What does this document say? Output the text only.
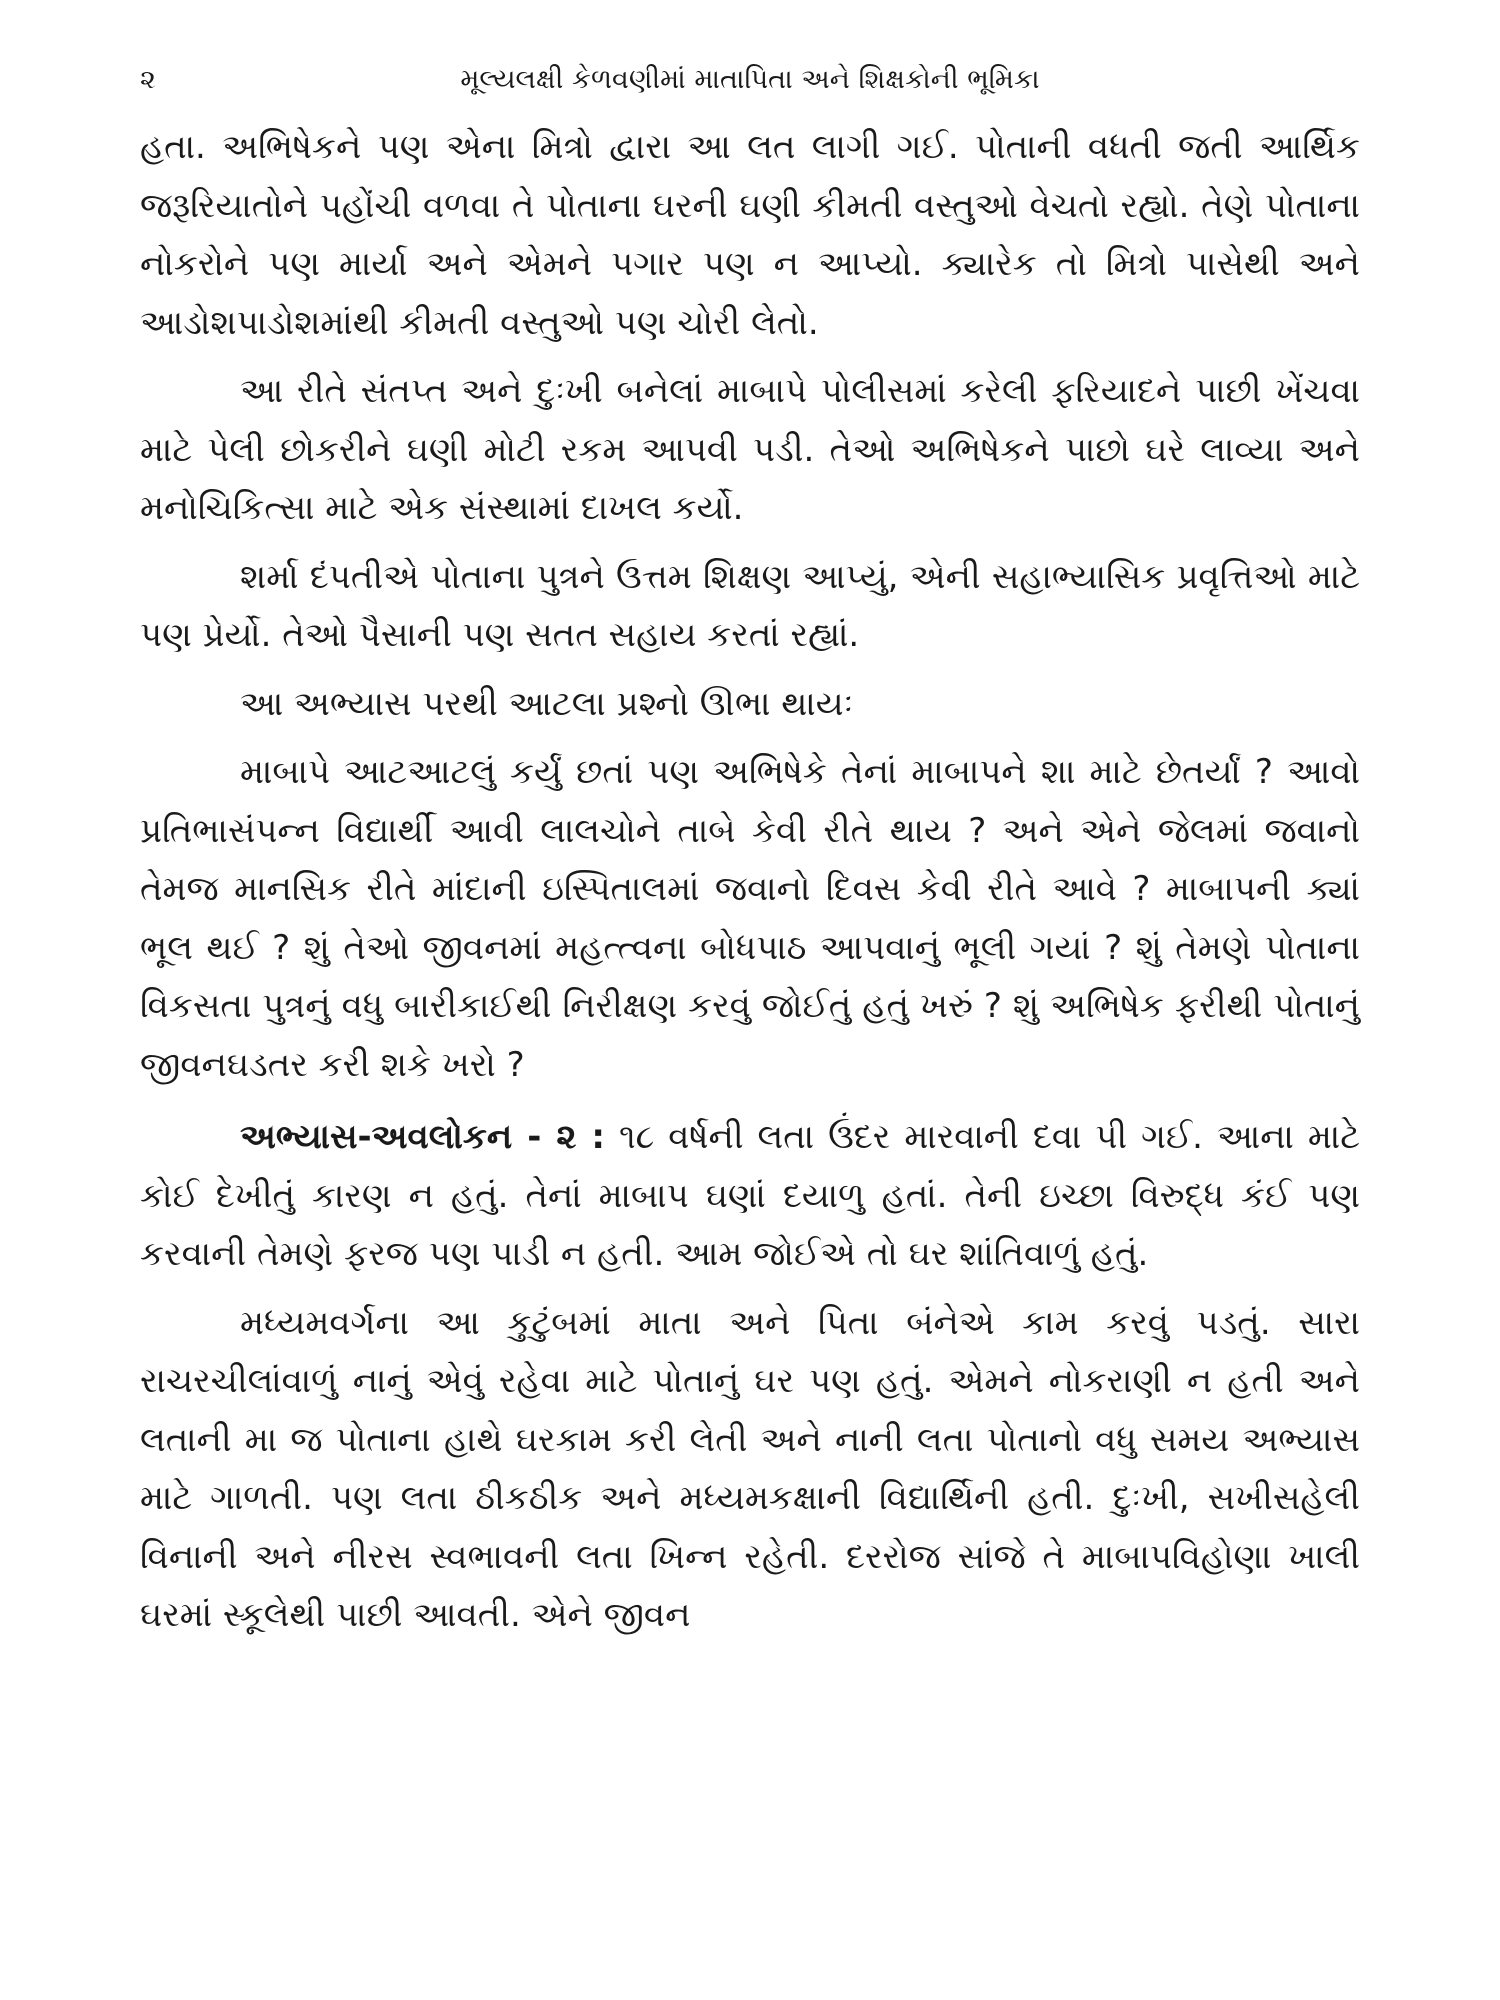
૨	મૂલ્યલક્ષી કેળવણીમાં માતાપિતા અને શિક્ષકોની ભૂમિકા

હતા. અભિષેકને પણ એના મિત્રો દ્વારા આ લત લાગી ગઈ. પોતાની વધતી જતી આર્થિક જરૂરિયાતોને પહોંચી વળવા તે પોતાના ઘરની ઘણી કીમતી વસ્તુઓ વેચતો રહ્યો. તેણે પોતાના નોકરોને પણ માર્યા અને એમને પગાર પણ ન આપ્યો. ક્યારેક તો મિત્રો પાસેથી અને આડોશપાડોશમાંથી કીમતી વસ્તુઓ પણ ચોરી લેતો.

આ રીતે સંતપ્ત અને દુઃખી બનેલાં માબાપે પોલીસમાં કરેલી ફરિયાદને પાછી ખેંચવા માટે પેલી છોકરીને ઘણી મોટી રકમ આપવી પડી. તેઓ અભિષેકને પાછો ઘરે લાવ્યા અને મનોચિકિત્સા માટે એક સંસ્થામાં દાખલ કર્યો.

શર્મા દંપતીએ પોતાના પુત્રને ઉત્તમ શિક્ષણ આપ્યું, એની સહાભ્યાસિક પ્રવૃત્તિઓ માટે પણ પ્રેર્યો. તેઓ પૈસાની પણ સતત સહાય કરતાં રહ્યાં.

આ અભ્યાસ પરથી આટલા પ્રશ્નો ઊભા થાયઃ

માબાપે આટઆટલું કર્યું છતાં પણ અભિષેકે તેનાં માબાપને શા માટે છેતર્યાં ? આવો પ્રતિભાસંપન્ન વિદ્યાર્થી આવી લાલચોને તાબે કેવી રીતે થાય ? અને એને જેલમાં જવાનો તેમજ માનસિક રીતે માંદાની ઇસ્પિતાલમાં જવાનો દિવસ કેવી રીતે આવે ? માબાપની ક્યાં ભૂલ થઈ ? શું તેઓ જીવનમાં મહત્ત્વના બોધપાઠ આપવાનું ભૂલી ગયાં ? શું તેમણે પોતાના વિકસતા પુત્રનું વધુ બારીકાઈથી નિરીક્ષણ કરવું જોઈતું હતું ખરું ? શું અભિષેક ફરીથી પોતાનું જીવનઘડતર કરી શકે ખરો ?

અભ્યાસ-અવલોકન - ૨ : ૧૮ વર્ષની લતા ઉંદર મારવાની દવા પી ગઈ. આના માટે કોઈ દેખીતું કારણ ન હતું. તેનાં માબાપ ઘણાં દયાળુ હતાં. તેની ઇચ્છા વિરુદ્ધ કંઈ પણ કરવાની તેમણે ફરજ પણ પાડી ન હતી. આમ જોઈએ તો ઘર શાંતિવાળું હતું.

મધ્યમવર્ગના આ કુટુંબમાં માતા અને પિતા બંનેએ કામ કરવું પડતું. સારા રાચરચીલાંવાળું નાનું એવું રહેવા માટે પોતાનું ઘર પણ હતું. એમને નોકરાણી ન હતી અને લતાની મા જ પોતાના હાથે ઘરકામ કરી લેતી અને નાની લતા પોતાનો વધુ સમય અભ્યાસ માટે ગાળતી. પણ લતા ઠીકઠીક અને મધ્યમકક્ષાની વિદ્યાર્થિની હતી. દુઃખી, સખીસહેલી વિનાની અને નીરસ સ્વભાવની લતા ખિન્ન રહેતી. દરરોજ સાંજે તે માબાપવિહોણા ખાલી ઘરમાં સ્કૂલેથી પાછી આવતી. એને જીવન
